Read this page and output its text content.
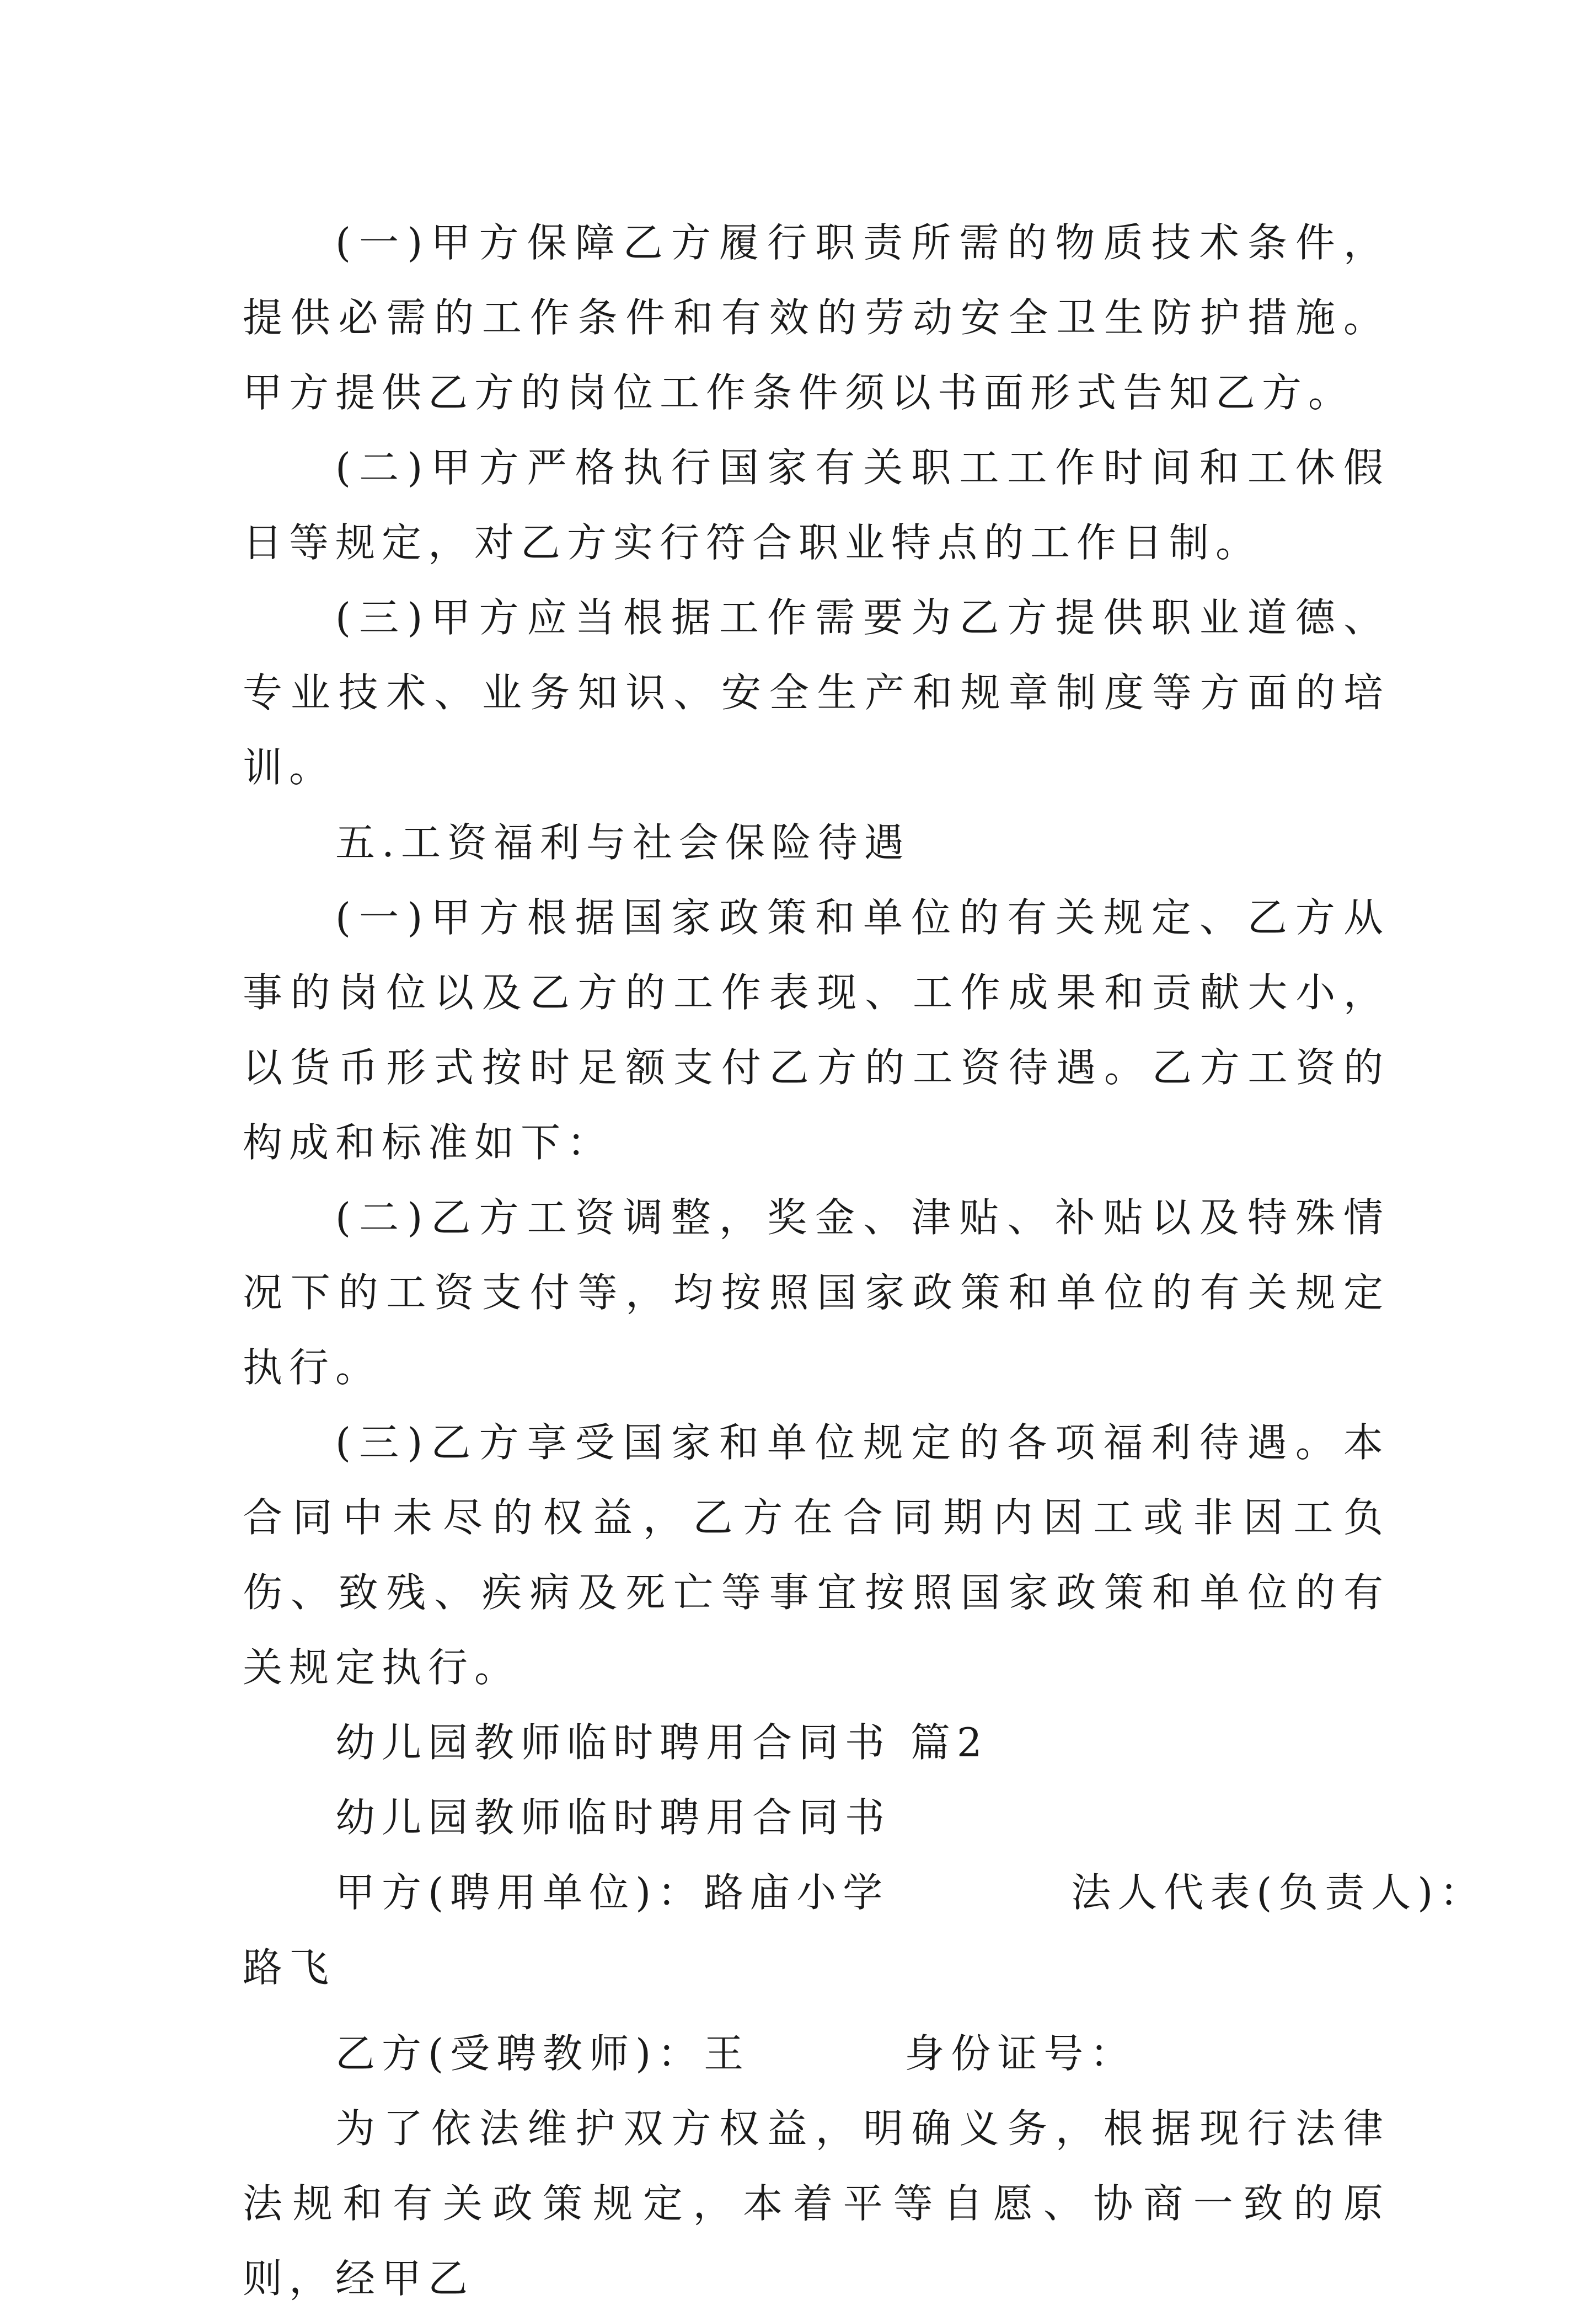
(一)甲方保障乙方履行职责所需的物质技术条件，提供必需的工作条件和有效的劳动安全卫生防护措施。甲方提供乙方的岗位工作条件须以书面形式告知乙方。

(二)甲方严格执行国家有关职工工作时间和工休假日等规定，对乙方实行符合职业特点的工作日制。

(三)甲方应当根据工作需要为乙方提供职业道德、专业技术、业务知识、安全生产和规章制度等方面的培训。

五.工资福利与社会保险待遇

(一)甲方根据国家政策和单位的有关规定、乙方从事的岗位以及乙方的工作表现、工作成果和贡献大小，以货币形式按时足额支付乙方的工资待遇。乙方工资的构成和标准如下：

(二)乙方工资调整，奖金、津贴、补贴以及特殊情况下的工资支付等，均按照国家政策和单位的有关规定执行。

(三)乙方享受国家和单位规定的各项福利待遇。本合同中未尽的权益，乙方在合同期内因工或非因工负伤、致残、疾病及死亡等事宜按照国家政策和单位的有关规定执行。

幼儿园教师临时聘用合同书 篇2

幼儿园教师临时聘用合同书

甲方(聘用单位)：路庙小学	法人代表(负责人)：

路飞

乙方(受聘教师)：王	身份证号：

为了依法维护双方权益，明确义务，根据现行法律法规和有关政策规定，本着平等自愿、协商一致的原则，经甲乙
